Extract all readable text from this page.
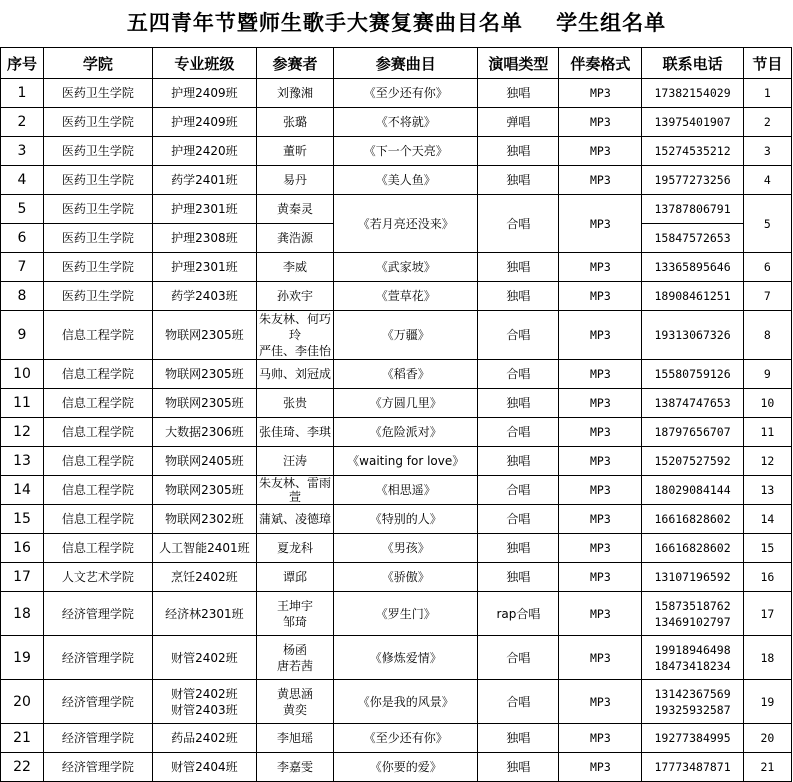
五四青年节暨师生歌手大赛复赛曲目名单    学生组名单
序号	学院	专业班级	参赛者	参赛曲目	演唱类型	伴奏格式	联系电话	节目
1	医药卫生学院	护理2409班	刘豫湘	《至少还有你》	独唱	MP3	17382154029	1
2	医药卫生学院	护理2409班	张璐	《不将就》	弹唱	MP3	13975401907	2
3	医药卫生学院	护理2420班	董昕	《下一个天亮》	独唱	MP3	15274535212	3
4	医药卫生学院	药学2401班	易丹	《美人鱼》	独唱	MP3	19577273256	4
5	医药卫生学院	护理2301班	黄秦灵	《若月亮还没来》	合唱	MP3	13787806791	5
6	医药卫生学院	护理2308班	龚浩源				15847572653	
7	医药卫生学院	护理2301班	李威	《武家坡》	独唱	MP3	13365895646	6
8	医药卫生学院	药学2403班	孙欢宇	《萱草花》	独唱	MP3	18908461251	7
9	信息工程学院	物联网2305班	朱友林、何巧玲
严佳、李佳怡	《万疆》	合唱	MP3	19313067326	8
10	信息工程学院	物联网2305班	马帅、刘冠成	《稻香》	合唱	MP3	15580759126	9
11	信息工程学院	物联网2305班	张贵	《方圆几里》	独唱	MP3	13874747653	10
12	信息工程学院	大数据2306班	张佳琦、李琪	《危险派对》	合唱	MP3	18797656707	11
13	信息工程学院	物联网2405班	汪涛	《waiting for love》	独唱	MP3	15207527592	12
14	信息工程学院	物联网2305班	朱友林、雷雨萱	《相思遥》	合唱	MP3	18029084144	13
15	信息工程学院	物联网2302班	蒲斌、凌德璋	《特别的人》	合唱	MP3	16616828602	14
16	信息工程学院	人工智能2401班	夏龙科	《男孩》	独唱	MP3	16616828602	15
17	人文艺术学院	烹饪2402班	谭邱	《骄傲》	独唱	MP3	13107196592	16
18	经济管理学院	经济林2301班	王坤宇
邹琦	《罗生门》	rap合唱	MP3	15873518762
13469102797	17
19	经济管理学院	财管2402班	杨函
唐若茜	《修炼爱情》	合唱	MP3	19918946498
18473418234	18
20	经济管理学院	财管2402班
财管2403班	黄思涵
黄奕	《你是我的风景》	合唱	MP3	13142367569
19325932587	19
21	经济管理学院	药品2402班	李旭瑶	《至少还有你》	独唱	MP3	19277384995	20
22	经济管理学院	财管2404班	李嘉雯	《你要的爱》	独唱	MP3	17773487871	21
